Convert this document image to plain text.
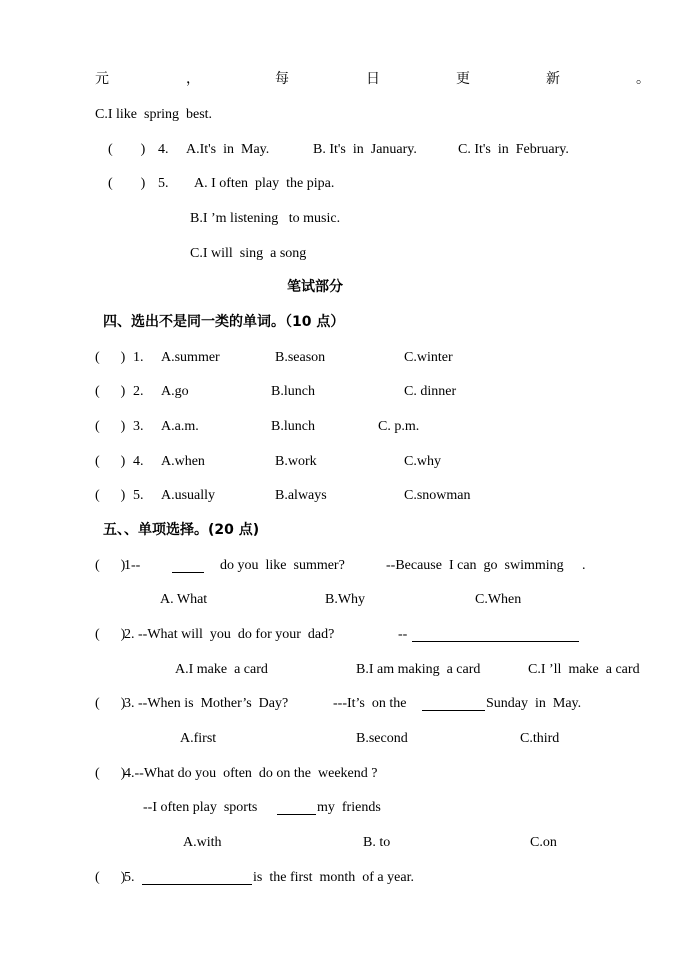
元	，	每	日	更	新	。
C.I like  spring  best.
(        ) 4. A.It's  in  May.	B. It's  in  January.	C. It's  in  February.
(        ) 5. A. I often  play  the pipa.
B.I ’m listening   to music.
C.I will  sing  a song
笔试部分
四、选出不是同一类的单词。（10 点）
(      ) 1. A.summer	B.season	C.winter
(      ) 2. A.go	B.lunch	C. dinner
(      ) 3. A.a.m.	B.lunch	C. p.m.
(      ) 4. A.when	B.work	C.why
(      ) 5. A.usually	B.always	C.snowman
五、、单项选择。(20 点)
(      )
1--	do you  like  summer?	--Because  I can  go  swimming .
A. What	B.Why	C.When
(      )
2. --What will  you  do for your  dad?	--
A.I make  a card	B.I am making  a card	C.I ’ll  make  a card
(      )
3. --When is  Mother’s  Day?	---It’s  on the	Sunday  in  May.
A.first	B.second	C.third
(      )
4.--What do you  often  do on the  weekend ?
--I often play  sports	my  friends
A.with	B. to	C.on
(      )
5.	is  the first  month  of a year.
